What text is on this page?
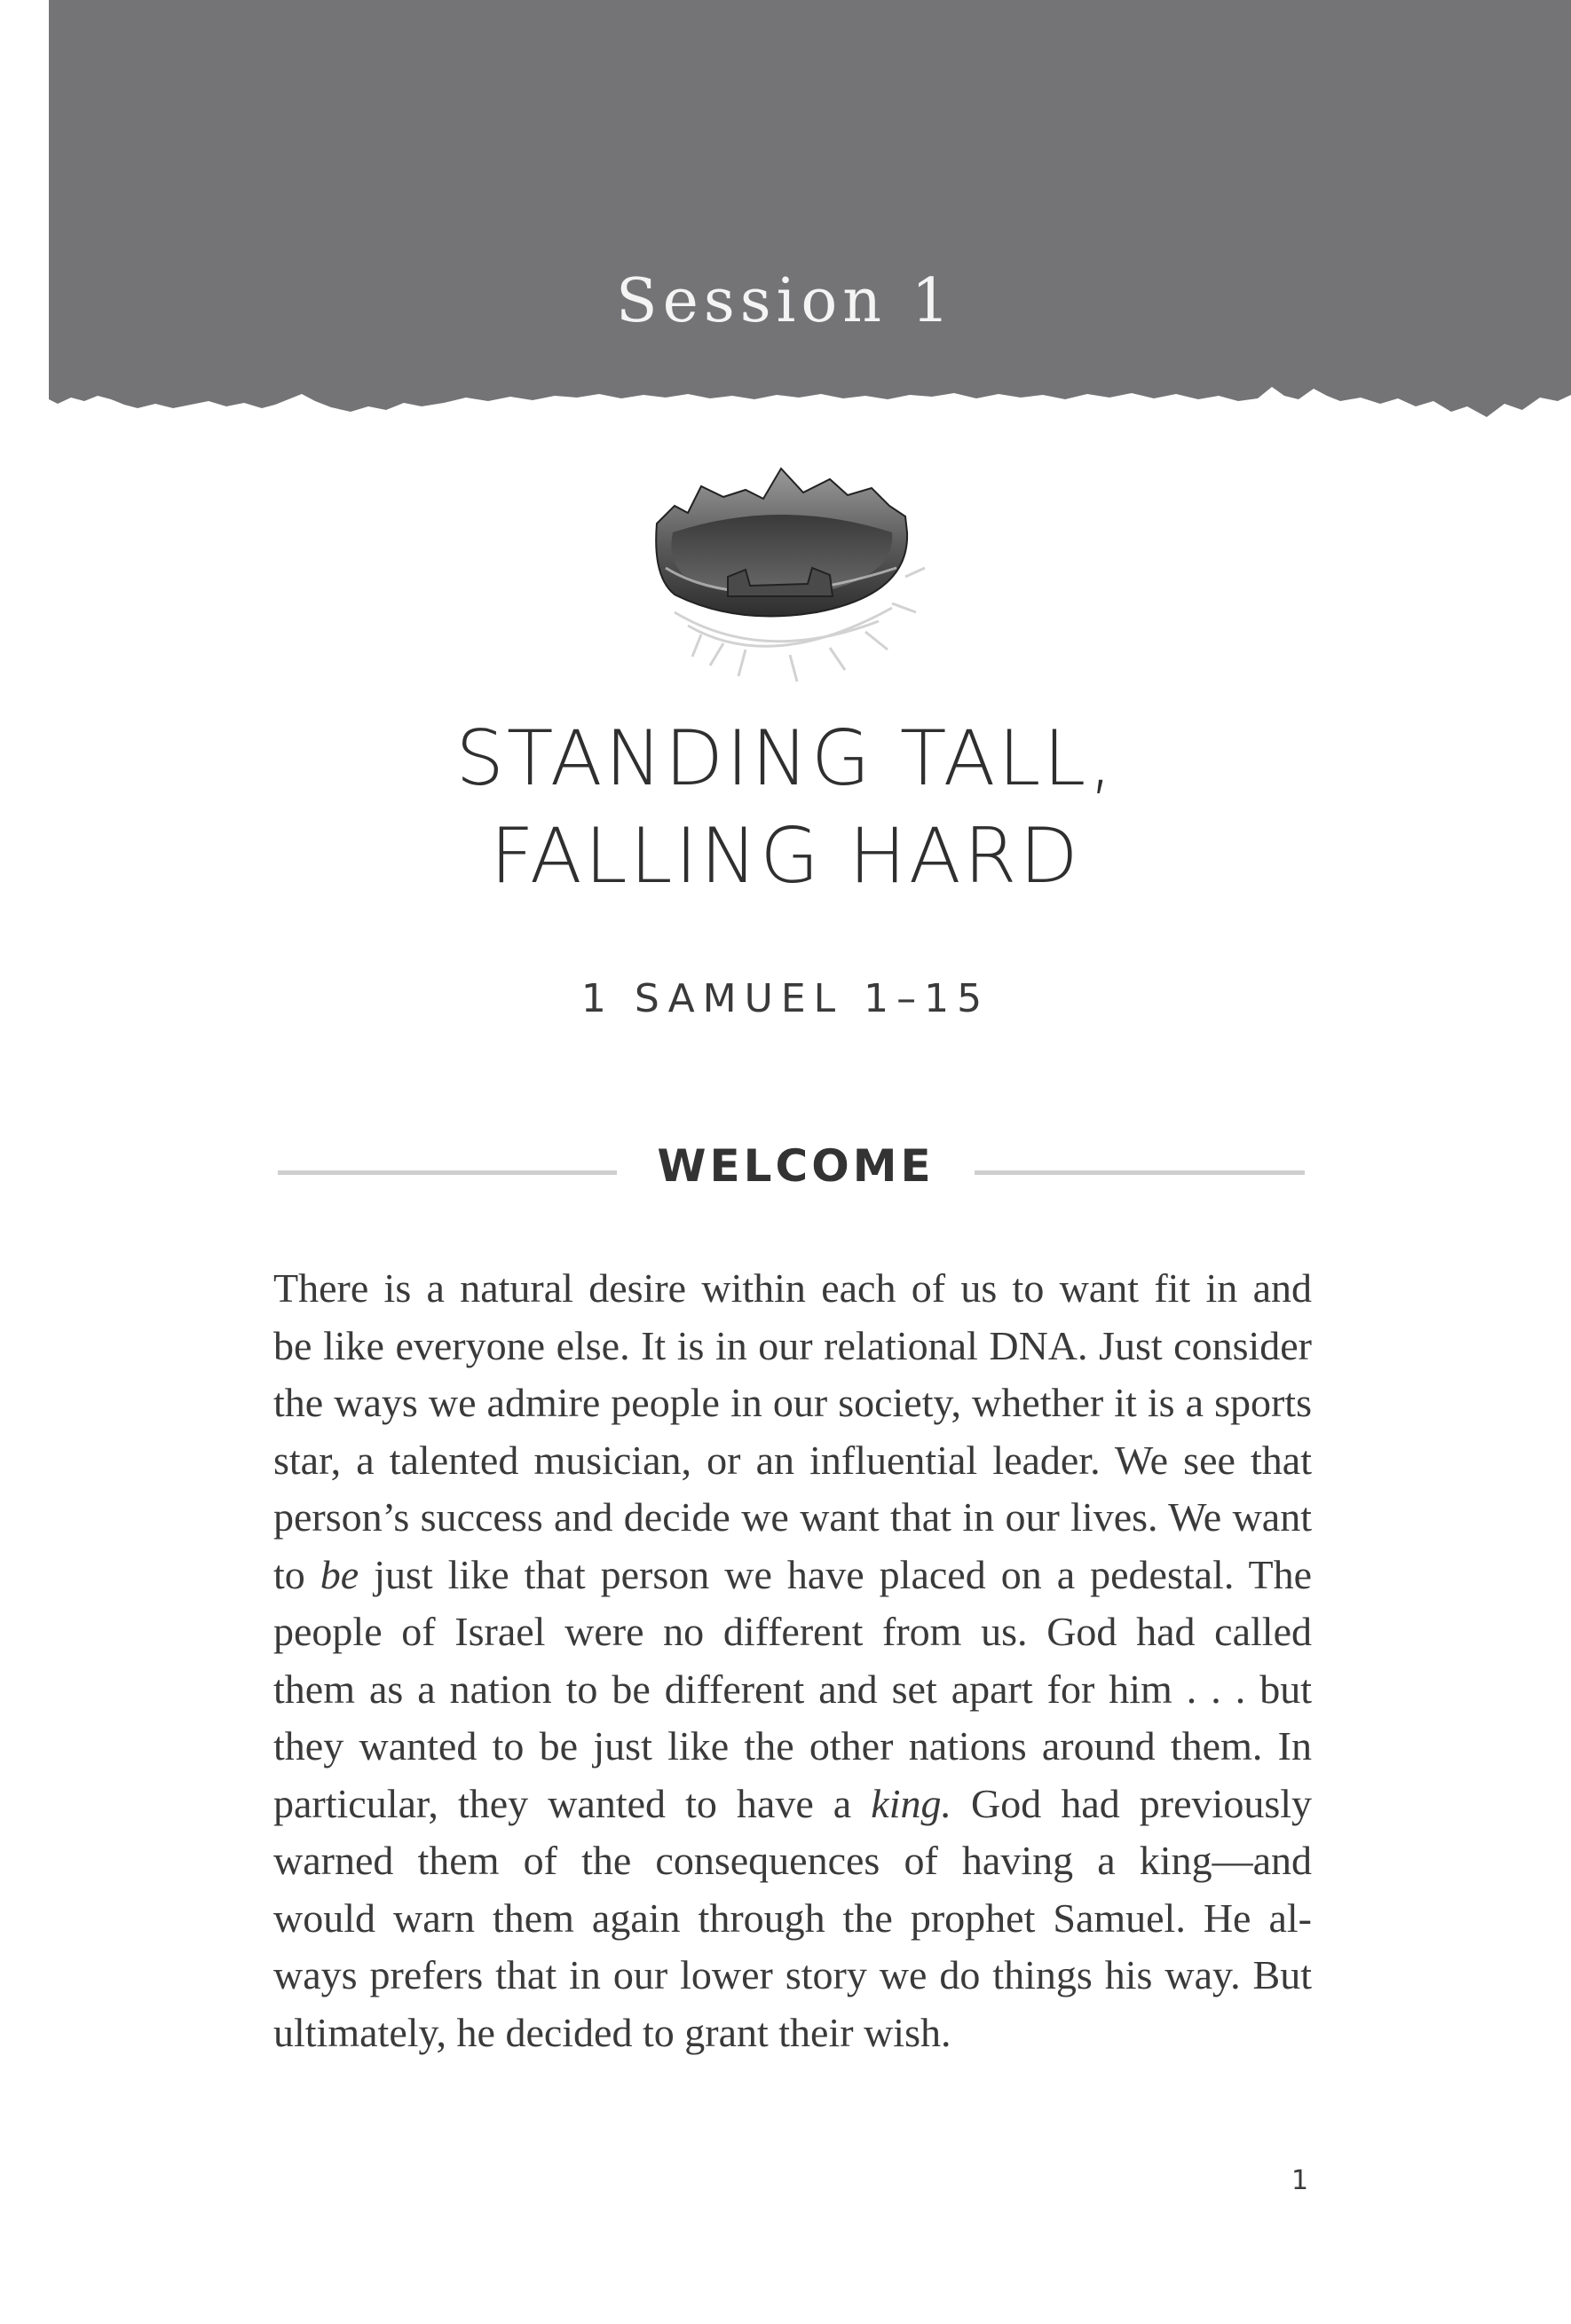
Session 1
STANDING TALL,
FALLING HARD
1 SAMUEL 1–15
WELCOME
There is a natural desire within each of us to want fit in and
be like everyone else. It is in our relational DNA. Just consider
the ways we admire people in our society, whether it is a sports
star, a talented musician, or an influential leader. We see that
person’s success and decide we want that in our lives. We want
to be just like that person we have placed on a pedestal. The
people of Israel were no different from us. God had called
them as a nation to be different and set apart for him . . . but
they wanted to be just like the other nations around them. In
particular, they wanted to have a king. God had previously
warned them of the consequences of having a king—and
would warn them again through the prophet Samuel. He al-
ways prefers that in our lower story we do things his way. But
ultimately, he decided to grant their wish.
1
